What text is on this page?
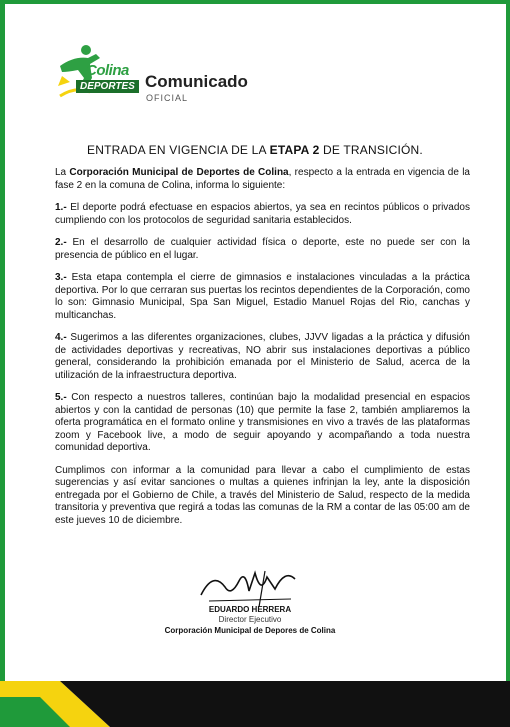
Colina
DEPORTES Comunicado
OFICIAL
ENTRADA EN VIGENCIA DE LA ETAPA 2 DE TRANSICIÓN.

La Corporación Municipal de Deportes de Colina, respecto a la entrada en vigencia de la fase 2 en la comuna de Colina, informa lo siguiente:

1.- El deporte podrá efectuase en espacios abiertos, ya sea en recintos públicos o privados cumpliendo con los protocolos de seguridad sanitaria establecidos.

2.- En el desarrollo de cualquier actividad física o deporte, este no puede ser con la presencia de público en el lugar.

3.- Esta etapa contempla el cierre de gimnasios e instalaciones vinculadas a la práctica deportiva. Por lo que cerraran sus puertas los recintos dependientes de la Corporación, como lo son: Gimnasio Municipal, Spa San Miguel, Estadio Manuel Rojas del Rio, canchas y multicanchas.

4.- Sugerimos a las diferentes organizaciones, clubes, JJVV ligadas a la práctica y difusión de actividades deportivas y recreativas, NO abrir sus instalaciones deportivas a público general, considerando la prohibición emanada por el Ministerio de Salud, acerca de la utilización de la infraestructura deportiva.

5.- Con respecto a nuestros talleres, continúan bajo la modalidad presencial en espacios abiertos y con la cantidad de personas (10) que permite la fase 2, también ampliaremos la oferta programática en el formato online y transmisiones en vivo a través de las plataformas zoom y Facebook live, a modo de seguir apoyando y acompañando a toda nuestra comunidad deportiva.

Cumplimos con informar a la comunidad para llevar a cabo el cumplimiento de estas sugerencias y así evitar sanciones o multas a quienes infrinjan la ley, ante la disposición entregada por el Gobierno de Chile, a través del Ministerio de Salud, respecto de la medida transitoria y preventiva que regirá a todas las comunas de la RM a contar de las 05:00 am de este jueves 10 de diciembre.

EDUARDO HERRERA
Director Ejecutivo
Corporación Municipal de Depores de Colina
